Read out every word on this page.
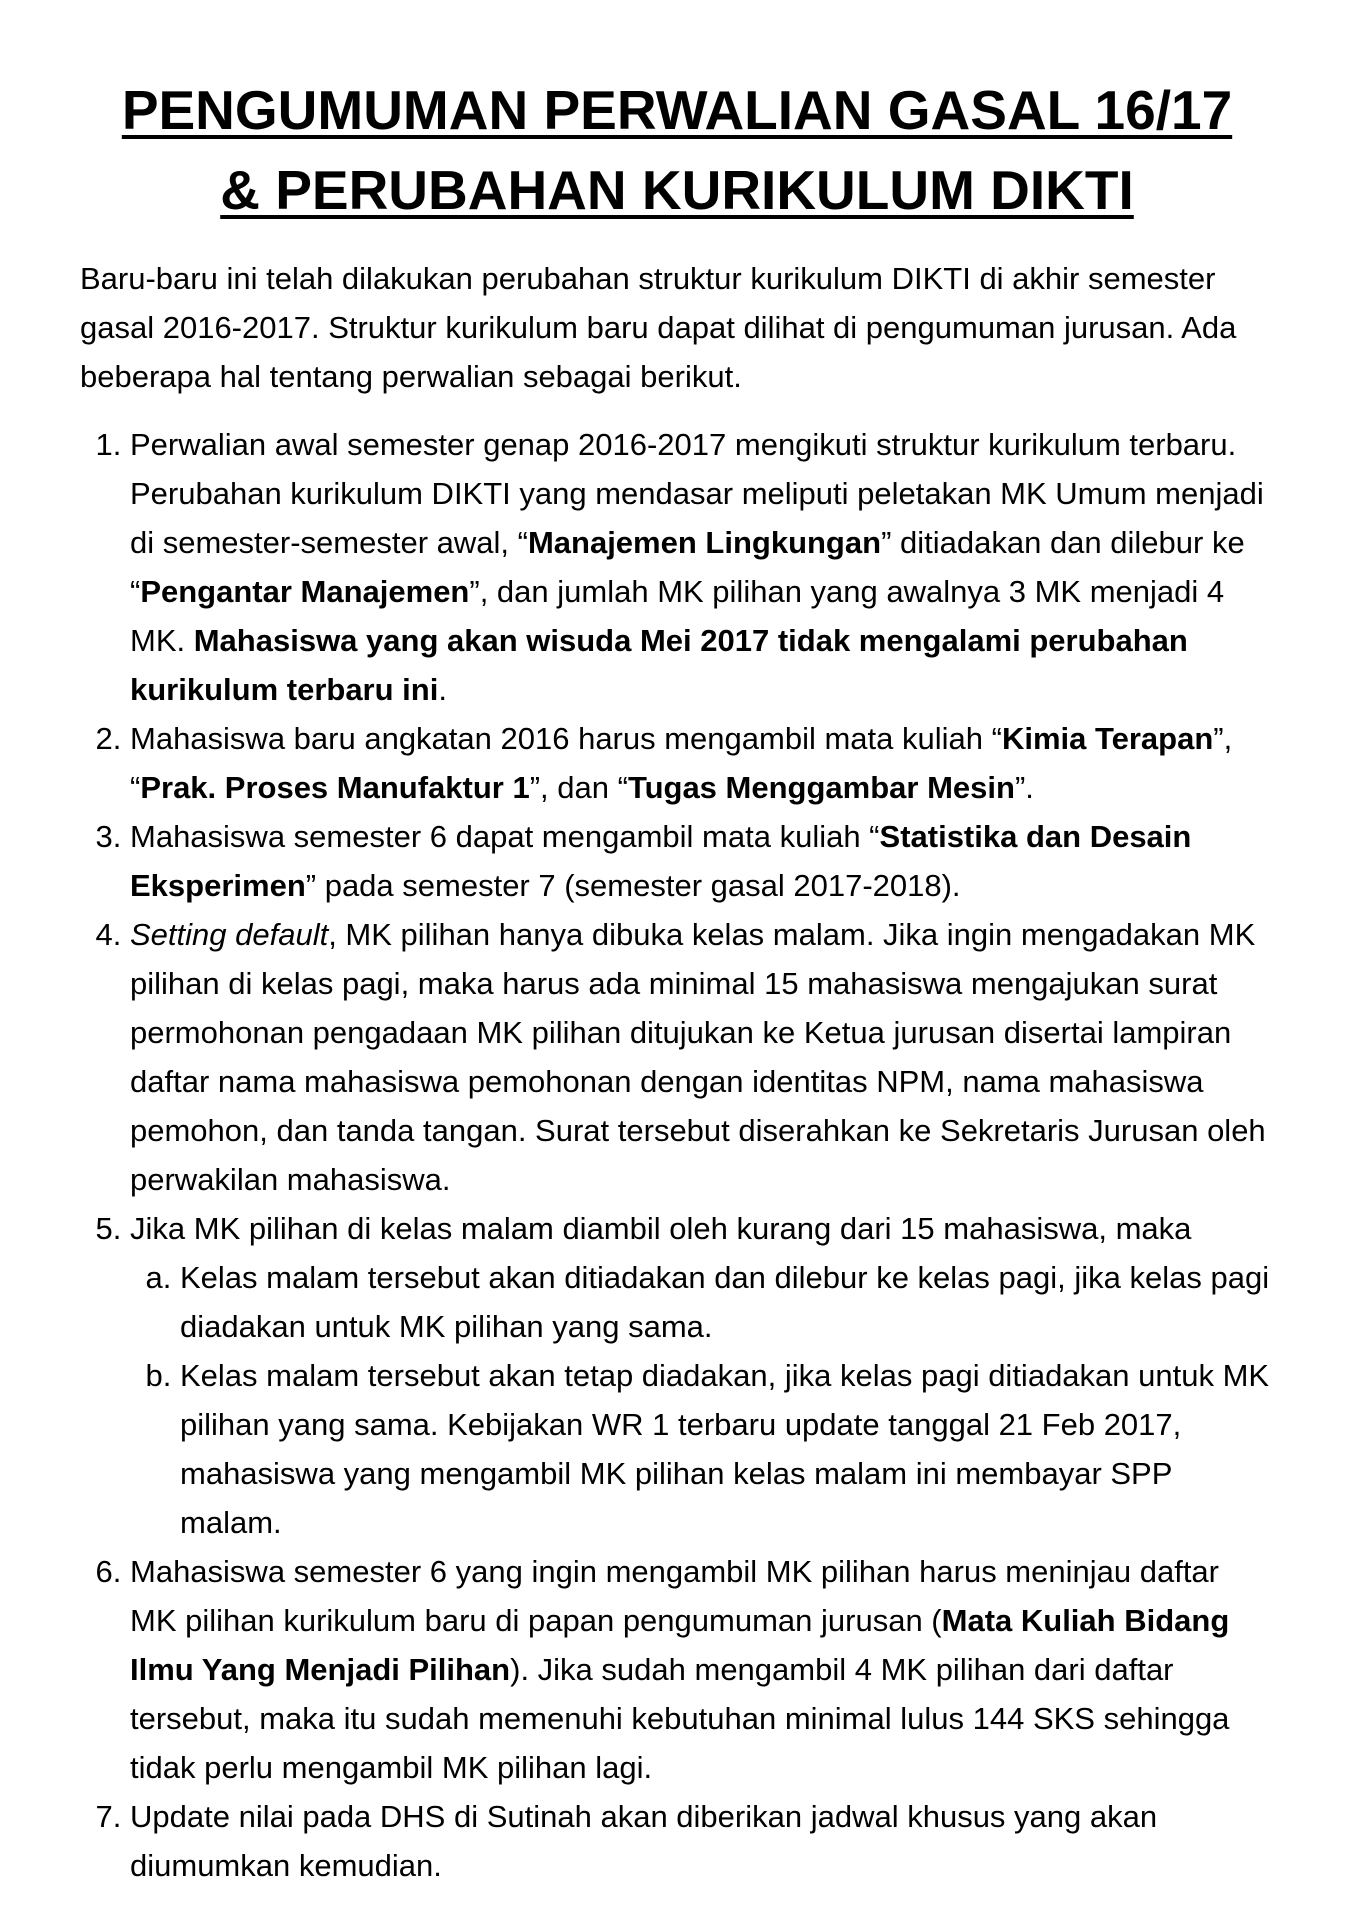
PENGUMUMAN PERWALIAN GASAL 16/17
& PERUBAHAN KURIKULUM DIKTI

Baru-baru ini telah dilakukan perubahan struktur kurikulum DIKTI di akhir semester gasal 2016-2017. Struktur kurikulum baru dapat dilihat di pengumuman jurusan. Ada beberapa hal tentang perwalian sebagai berikut.

1. Perwalian awal semester genap 2016-2017 mengikuti struktur kurikulum terbaru. Perubahan kurikulum DIKTI yang mendasar meliputi peletakan MK Umum menjadi di semester-semester awal, “Manajemen Lingkungan” ditiadakan dan dilebur ke “Pengantar Manajemen”, dan jumlah MK pilihan yang awalnya 3 MK menjadi 4 MK. Mahasiswa yang akan wisuda Mei 2017 tidak mengalami perubahan kurikulum terbaru ini.
2. Mahasiswa baru angkatan 2016 harus mengambil mata kuliah “Kimia Terapan”, “Prak. Proses Manufaktur 1”, dan “Tugas Menggambar Mesin”.
3. Mahasiswa semester 6 dapat mengambil mata kuliah “Statistika dan Desain Eksperimen” pada semester 7 (semester gasal 2017-2018).
4. Setting default, MK pilihan hanya dibuka kelas malam. Jika ingin mengadakan MK pilihan di kelas pagi, maka harus ada minimal 15 mahasiswa mengajukan surat permohonan pengadaan MK pilihan ditujukan ke Ketua jurusan disertai lampiran daftar nama mahasiswa pemohonan dengan identitas NPM, nama mahasiswa pemohon, dan tanda tangan. Surat tersebut diserahkan ke Sekretaris Jurusan oleh perwakilan mahasiswa.
5. Jika MK pilihan di kelas malam diambil oleh kurang dari 15 mahasiswa, maka
a. Kelas malam tersebut akan ditiadakan dan dilebur ke kelas pagi, jika kelas pagi diadakan untuk MK pilihan yang sama.
b. Kelas malam tersebut akan tetap diadakan, jika kelas pagi ditiadakan untuk MK pilihan yang sama. Kebijakan WR 1 terbaru update tanggal 21 Feb 2017, mahasiswa yang mengambil MK pilihan kelas malam ini membayar SPP malam.
6. Mahasiswa semester 6 yang ingin mengambil MK pilihan harus meninjau daftar MK pilihan kurikulum baru di papan pengumuman jurusan (Mata Kuliah Bidang Ilmu Yang Menjadi Pilihan). Jika sudah mengambil 4 MK pilihan dari daftar tersebut, maka itu sudah memenuhi kebutuhan minimal lulus 144 SKS sehingga tidak perlu mengambil MK pilihan lagi.
7. Update nilai pada DHS di Sutinah akan diberikan jadwal khusus yang akan diumumkan kemudian.
